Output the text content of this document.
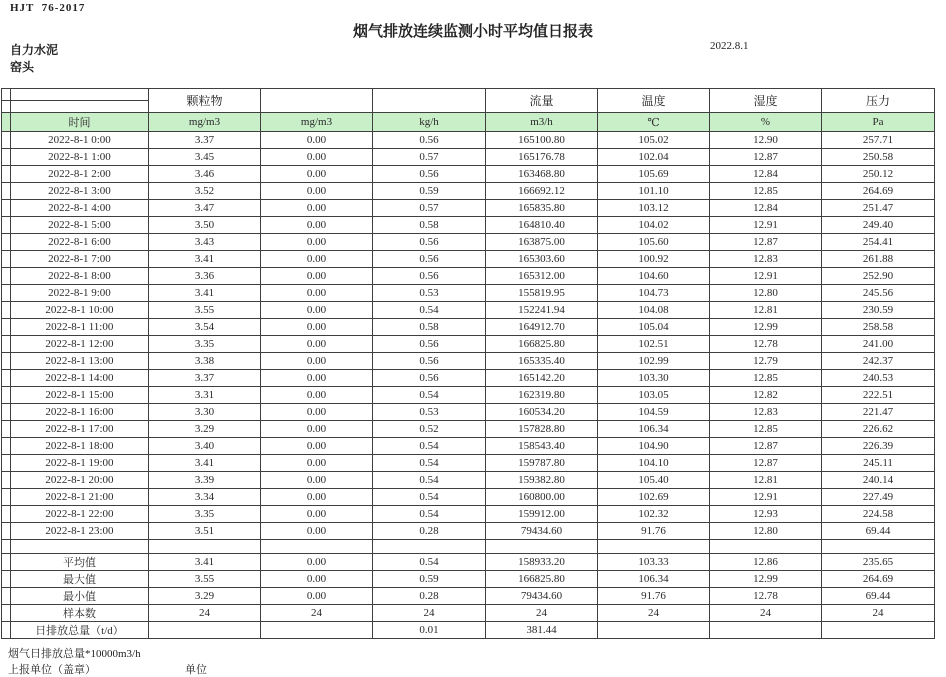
HJT  76-2017
烟气排放连续监测小时平均值日报表
2022.8.1
自力水泥
窑头
		颗粒物			流量	温度	湿度	压力

	时间	mg/m3	mg/m3	kg/h	m3/h	℃	%	Pa
	2022-8-1 0:00	3.37	0.00	0.56	165100.80	105.02	12.90	257.71
	2022-8-1 1:00	3.45	0.00	0.57	165176.78	102.04	12.87	250.58
	2022-8-1 2:00	3.46	0.00	0.56	163468.80	105.69	12.84	250.12
	2022-8-1 3:00	3.52	0.00	0.59	166692.12	101.10	12.85	264.69
	2022-8-1 4:00	3.47	0.00	0.57	165835.80	103.12	12.84	251.47
	2022-8-1 5:00	3.50	0.00	0.58	164810.40	104.02	12.91	249.40
	2022-8-1 6:00	3.43	0.00	0.56	163875.00	105.60	12.87	254.41
	2022-8-1 7:00	3.41	0.00	0.56	165303.60	100.92	12.83	261.88
	2022-8-1 8:00	3.36	0.00	0.56	165312.00	104.60	12.91	252.90
	2022-8-1 9:00	3.41	0.00	0.53	155819.95	104.73	12.80	245.56
	2022-8-1 10:00	3.55	0.00	0.54	152241.94	104.08	12.81	230.59
	2022-8-1 11:00	3.54	0.00	0.58	164912.70	105.04	12.99	258.58
	2022-8-1 12:00	3.35	0.00	0.56	166825.80	102.51	12.78	241.00
	2022-8-1 13:00	3.38	0.00	0.56	165335.40	102.99	12.79	242.37
	2022-8-1 14:00	3.37	0.00	0.56	165142.20	103.30	12.85	240.53
	2022-8-1 15:00	3.31	0.00	0.54	162319.80	103.05	12.82	222.51
	2022-8-1 16:00	3.30	0.00	0.53	160534.20	104.59	12.83	221.47
	2022-8-1 17:00	3.29	0.00	0.52	157828.80	106.34	12.85	226.62
	2022-8-1 18:00	3.40	0.00	0.54	158543.40	104.90	12.87	226.39
	2022-8-1 19:00	3.41	0.00	0.54	159787.80	104.10	12.87	245.11
	2022-8-1 20:00	3.39	0.00	0.54	159382.80	105.40	12.81	240.14
	2022-8-1 21:00	3.34	0.00	0.54	160800.00	102.69	12.91	227.49
	2022-8-1 22:00	3.35	0.00	0.54	159912.00	102.32	12.93	224.58
	2022-8-1 23:00	3.51	0.00	0.28	79434.60	91.76	12.80	69.44

	平均值	3.41	0.00	0.54	158933.20	103.33	12.86	235.65
	最大值	3.55	0.00	0.59	166825.80	106.34	12.99	264.69
	最小值	3.29	0.00	0.28	79434.60	91.76	12.78	69.44
	样本数	24	24	24	24	24	24	24
	日排放总量（t/d）			0.01	381.44			
烟气日排放总量*10000m3/h
上报单位（盖章）	单位
